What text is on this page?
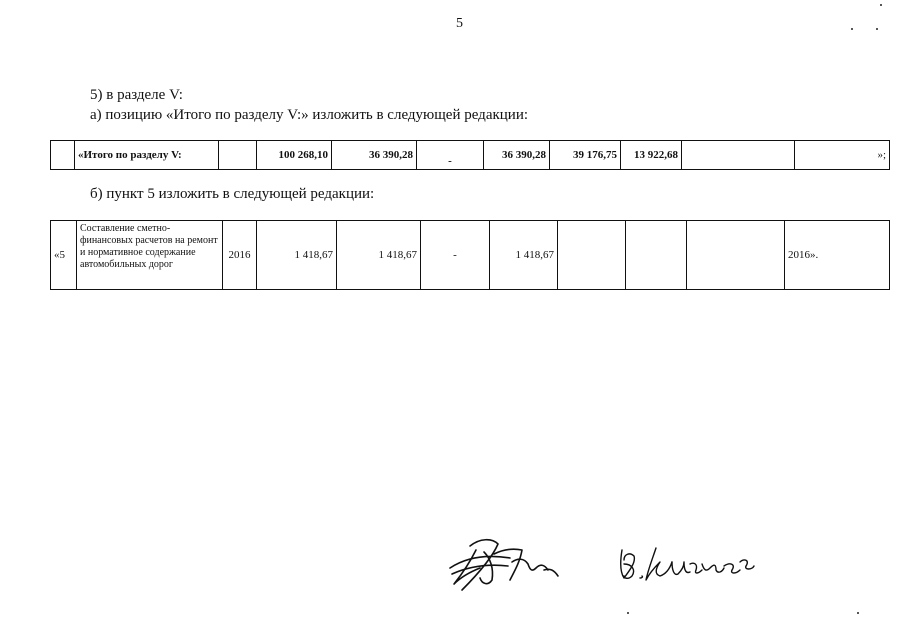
5
5) в разделе V:
а) позицию «Итого по разделу V:» изложить в следующей редакции:
	«Итого по разделу V:		100 268,10	36 390,28	-	36 390,28	39 176,75	13 922,68		»;
б) пункт 5 изложить в следующей редакции:
«5	Составление сметно-финансовых расчетов на ремонт и нормативное содержание автомобильных дорог	2016	1 418,67	1 418,67	-	1 418,67				2016».
